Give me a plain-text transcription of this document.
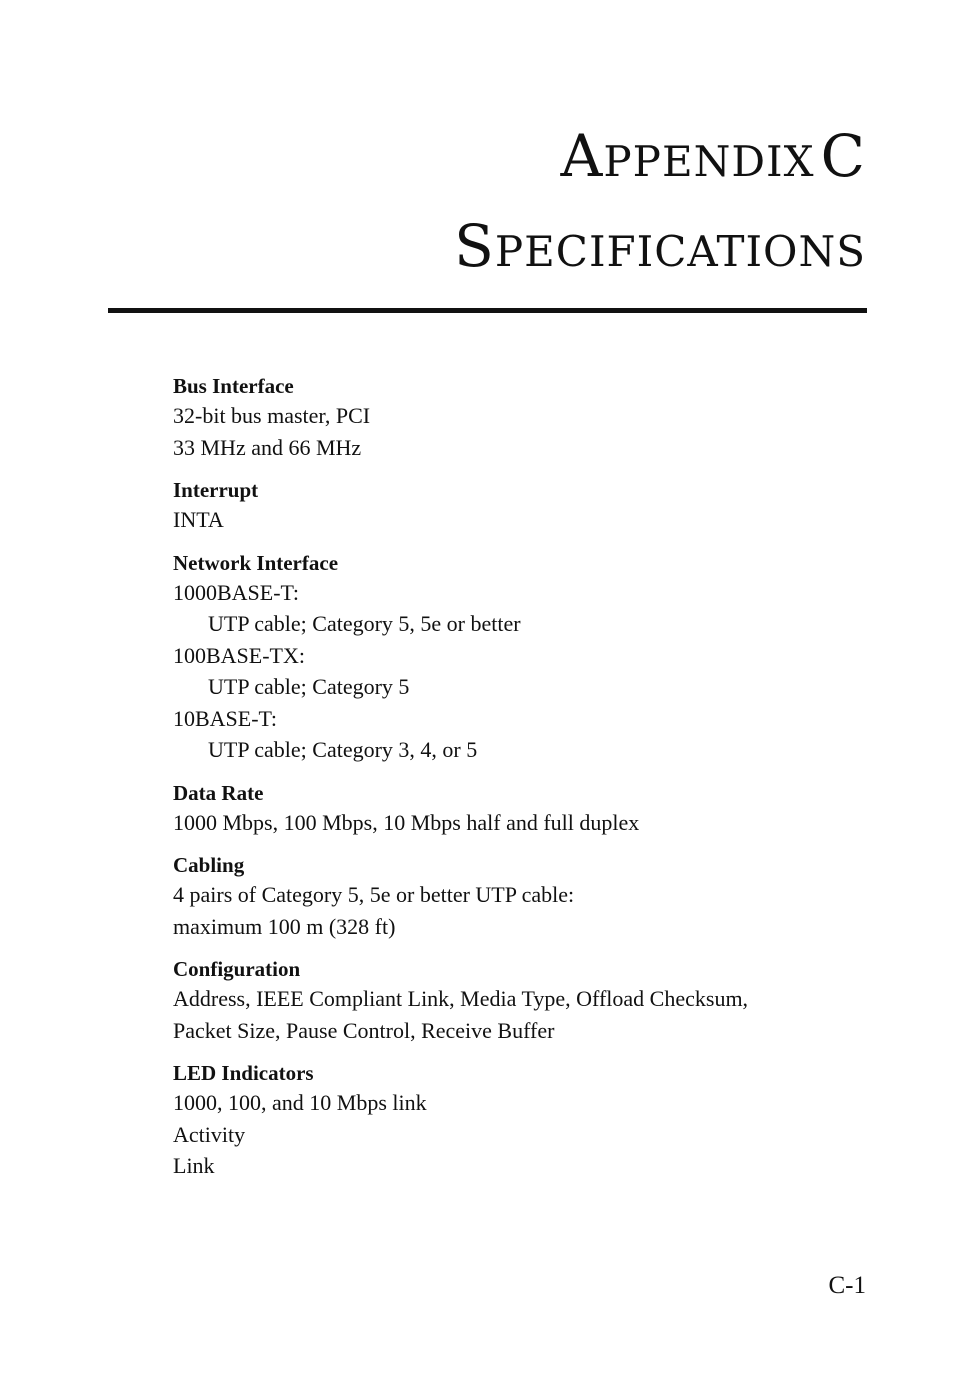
APPENDIX C
SPECIFICATIONS

Bus Interface

32-bit bus master, PCI

33 MHz and 66 MHz

Interrupt

INTA

Network Interface

1000BASE-T:

UTP cable; Category 5, 5e or better

100BASE-TX:

UTP cable; Category 5

10BASE-T:

UTP cable; Category 3, 4, or 5

Data Rate

1000 Mbps, 100 Mbps, 10 Mbps half and full duplex

Cabling

4 pairs of Category 5, 5e or better UTP cable:

maximum 100 m (328 ft)

Configuration

Address, IEEE Compliant Link, Media Type, Offload Checksum,

Packet Size, Pause Control, Receive Buffer

LED Indicators

1000, 100, and 10 Mbps link

Activity

Link

C-1
